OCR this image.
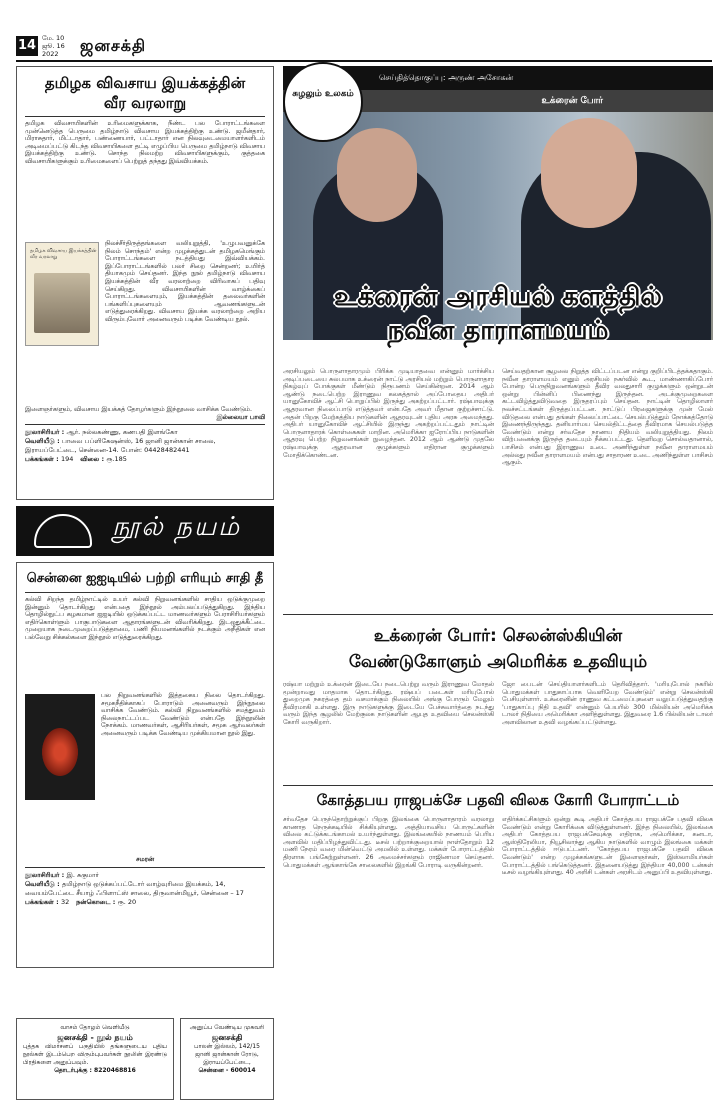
14 மே. 10
ஜூ. 16
2022	ஜனசக்தி
தமிழக விவசாய இயக்கத்தின்
வீர வரலாறு
தமிழக விவசாயிகளின் உரிமைகளுக்காக, நீண்ட பல போராட்டங்களை முன்னெடுத்த பெருமை தமிழ்நாடு விவசாய இயக்கத்திற்கு உண்டு. ஜமீன்தார், மிராசுதார், மிட்டாதார், பண்ணையார், பட்டாதார் என நிலவுடைமையாளர்களிடம் அடிமைப்பட்டு கிடந்த விவசாயிகளை தட்டி எழுப்பிய பெருமை தமிழ்நாடு விவசாய இயக்கத்திற்கு உண்டு. சொந்த நிலமற்ற விவசாயிகளுக்கும், குத்தகை விவசாயிகளுக்கும் உரிமைகளைப் பெற்றுத் தந்தது இவ்வியக்கம்.
தமிழக விவசாய இயக்கத்தின் வீர வரலாறு
நிலச்சீர்திருத்தங்களை வலியுறுத்தி, 'உழுபவனுக்கே நிலம் சொந்தம்' என்ற முழக்கத்துடன் தமிழகமெங்கும் போராட்டங்களை நடத்தியது இவ்வியக்கம். இப்போராட்டங்களில் பலர் சிறை சென்றனர்; உயிர்த் தியாகமும் செய்தனர். இந்த நூல் தமிழ்நாடு விவசாய இயக்கத்தின் வீர வரலாற்றை விரிவாகப் பதிவு செய்கிறது. விவசாயிகளின் வாழ்க்கைப் போராட்டங்களையும், இயக்கத்தின் தலைவர்களின் பங்களிப்புகளையும் ஆவணங்களுடன் எடுத்துரைக்கிறது. விவசாய இயக்க வரலாற்றை அறிய விரும்புவோர் அனைவரும் படிக்க வேண்டிய நூல்.
இளைஞர்களும், விவசாய இயக்கத் தோழர்களும் இந்நூலை வாசிக்க வேண்டும்.
இல்லையா பாவி
நூலாசிரியர் : ஆர். நல்லகண்ணு, கணபதி இளங்கோ
வெளியீடு : பாவை பப்ளிகேஷன்ஸ், 16 ஜானி ஜான்கான் சாலை, இராயப்பேட்டை, சென்னை-14. போன்: 04428482441
பக்கங்கள் : 194 விலை : ரூ.185
நூல் நயம்
சென்னை ஐஐடியில் பற்றி எரியும் சாதி தீ
கல்வி சிறந்த தமிழ்நாட்டில் உயர் கல்வி நிறுவனங்களில் சாதிய ஒடுக்குமுறை இன்னும் தொடர்கிறது என்பதை இந்நூல் அம்பலப்படுத்துகிறது. இந்திய தொழில்நுட்ப கழகமான ஐஐடியில் ஒடுக்கப்பட்ட மாணவர்களும் பேராசிரியர்களும் எதிர்கொள்ளும் பாகுபாடுகளை ஆதாரங்களுடன் விவரிக்கிறது. இடஒதுக்கீட்டை முறையாக நடைமுறைப்படுத்தாமை, பணி நியமனங்களில் நடக்கும் அநீதிகள் என பல்வேறு சிக்கல்களை இந்நூல் எடுத்துரைக்கிறது.
பல நிறுவனங்களில் இத்தகைய நிலை தொடர்கிறது. சமூகநீதிக்காகப் போராடும் அனைவரும் இந்நூலை வாசிக்க வேண்டும். கல்வி நிறுவனங்களில் சமத்துவம் நிலைநாட்டப்பட வேண்டும் என்பதே இந்நூலின் நோக்கம். மாணவர்கள், ஆசிரியர்கள், சமூக ஆர்வலர்கள் அனைவரும் படிக்க வேண்டிய முக்கியமான நூல் இது.
சமரன்
நூலாசிரியர் : இ. சுகுமார்
வெளியீடு : தமிழ்நாடு ஒடுக்கப்பட்டோர் வாழ்வுரிமை இயக்கம், 14, வையம்பேட்டை சீயாழ் ஃபிளாட்ஸ் சாலை, திருவான்மியூர், சென்னை – 17
பக்கங்கள் : 32 நன்கொடை : ரூ. 20
வாசம் தோழம் வெளியீடு
ஜனசக்தி - நூல் நயம்
புத்தக விமர்சனப் பகுதியில் தங்களுடைய புதிய நூல்கள் இடம்பெற விரும்புபவர்கள் நூலின் இரண்டு பிரதிகளை அனுப்பவும்.
தொடர்புக்கு : 8220468816
அனுப்ப வேண்டிய முகவரி
ஜனசக்தி
பாலன் இல்லம், 142/15 ஜானி ஜான்கான் ரோடு, இராயப்பேட்டை,
சென்னை - 600014
சுழலும் உலகம்
செய்தித்தொகுப்பு: அருண் அசோகன்
உக்ரைன் போர்
உக்ரைன் அரசியல் களத்தில்
நவீன தாராளமயம்
அரசியலும் பொருளாதாரமும் பிரிக்க முடியாதவை என்னும் மார்க்சிய அடிப்படையை சுலபமாக உக்ரைன் நாட்டு அரசியல் மற்றும் பொருளாதார நிகழ்வுப் போக்குகள் மீண்டும் நிரூபணம் செய்கின்றன. 2014 ஆம் ஆண்டு நடைபெற்ற இராணுவ கலகத்தால் அப்போதைய அதிபர் யானுகோவிச் ஆட்சி பொறுப்பில் இருந்து அகற்றப்பட்டார். ரஷ்யாவுக்கு ஆதரவான நிலைப்பாடு எடுத்தவர் என்பதே அவர் மீதான குற்றச்சாட்டு. அதன் பிறகு மேற்கத்திய நாடுகளின் ஆதரவுடன் புதிய அரசு அமைந்தது. அதிபர் யானுகோவிச் ஆட்சியில் இருந்து அகற்றப்பட்டதும் நாட்டின் பொருளாதாரக் கொள்கைகள் மாறின. அமெரிக்கா ஐரோப்பிய நாடுகளின் ஆதரவு பெற்ற நிறுவனங்கள் நுழைந்தன. 2012 ஆம் ஆண்டு முதலே ரஷ்யாவுக்கு ஆதரவான குழுக்களும் எதிரான குழுக்களும் மோதிக்கொண்டன.
செய்வதற்கான சூழலை நிறுத்த விட்டப்படன என்று குறிப்பிடத்தக்கதாகும். நவீன தாராளமயம் எனும் அரசியல் நகர்வில் கூட, மாண்ணாகிப்போர் போன்ற பெருநிறுவனங்களும் தீவிர வலதுசாரி குழுக்களும் ஒன்றுடன் ஒன்று பின்னிப் பிணைந்து இருந்தன. அடக்குமுறைகளை கட்டவிழ்த்துவிடுவதை இருதரப்பும் செய்தன. நாட்டின் தொழிலாளர் நலச்சட்டங்கள் திருத்தப்பட்டன. நாட்டுப் பிரஜைகளுக்கு முன் மேல் விடுதலை என்பது தங்கள் நிலைப்பாட்டை செயல்படுத்தும் நோக்கத்தோடு இணைந்திருந்தது. தனியார்மய செயல்திட்டத்தை தீவிரமாக செயல்படுத்த வேண்டும் என்று சர்வதேச நாணய நிதியம் வலியுறுத்தியது. நிலம் விற்பனைக்கு இருந்த தடையும் நீக்கப்பட்டது. தெளிவுற சொல்வதானால், பாசிசம் என்பது இராணுவ உடை அணிந்துள்ள நவீன தாராளமயம் அல்லது நவீன தாராளமயம் என்பது சாதாரண உடை அணிந்துள்ள பாசிசம் ஆகும்.
உக்ரைன் போர்: செலன்ஸ்கியின்
வேண்டுகோளும் அமெரிக்க உதவியும்
ரஷ்யா மற்றும் உக்ரைன் இடையே நடைபெற்று வரும் இராணுவ மோதல் மூன்றாவது மாதமாக தொடர்கிறது. ரஷ்யப் படைகள் மரியுபோல் துறைமுக நகரத்தை தம் வசமாக்கும் நிலையில் அங்கு போரும் மேலும் தீவிரமாகி உள்ளது. இரு நாடுகளுக்கு இடையே பேச்சுவார்த்தை நடந்து வரும் இந்த சூழலில் மேற்குலக நாடுகளின் ஆயுத உதவியை செலன்ஸ்கி கோரி வருகிறார்.
ஜோ பைடன் செய்தியாளர்களிடம் தெரிவித்தார். 'மரியுபோல் நகரில் பொதுமக்கள் பாதுகாப்பாக வெளியேற வேண்டும்' என்று செலன்ஸ்கி பேசியுள்ளார். உக்ரைனின் ராணுவ கட்டமைப்புகளை வலுப்படுத்துவதற்கு 'பாதுகாப்பு நிதி உதவி' என்னும் பெயரில் 300 மில்லியன் அமெரிக்க டாலர் நிதியை அமெரிக்கா அளித்துள்ளது. இதுவரை 1.6 பில்லியன் டாலர் அளவிலான உதவி வழங்கப்பட்டுள்ளது.
கோத்தபய ராஜபக்சே பதவி விலக கோரி போராட்டம்
சர்வதேச பெருந்தொற்றுக்குப் பிறகு இலங்கை பொருளாதாரம் வரலாறு காணாத நெருக்கடியில் சிக்கியுள்ளது. அத்தியாவசிய பொருட்களின் விலை கட்டுக்கடங்காமல் உயர்ந்துள்ளது. இலங்கையில் நாணயம் பெரிய அளவில் மதிப்பிழந்துவிட்டது. டீசல் பற்றாக்குறையால் நாள்தோறும் 12 மணி நேரம் வரை மின்வெட்டு அமலில் உள்ளது. மக்கள் போராட்டத்தில் திரளாக பங்கேற்றுள்ளனர். 26 அமைச்சர்களும் ராஜினாமா செய்தனர். பொதுமக்கள் ஆங்காங்கே சாலைகளில் இறங்கி போராடி வருகின்றனர்.
எதிர்க்கட்சிகளும் ஒன்று கூடி அதிபர் கோத்தபய ராஜபக்சே பதவி விலக வேண்டும் என்று கோரிக்கை விடுத்துள்ளனர். இந்த நிலையில், இலங்கை அதிபர் கோத்தபய ராஜபக்சேவுக்கு எதிராக, அமெரிக்கா, கனடா, ஆஸ்திரேலியா, நியூசிலாந்து ஆகிய நாடுகளில் வாழும் இலங்கை மக்கள் போராட்டத்தில் ஈடுபட்டனர். 'கோத்தபய ராஜபக்சே பதவி விலக வேண்டும்' என்ற முழக்கங்களுடன் இளைஞர்கள், இஸ்லாமியர்கள் போராட்டத்தில் பங்கெடுத்தனர். இதனையடுத்து இந்தியா 40,000 டன்கள் டீசல் வழங்கியுள்ளது. 40 அரிசி டன்கள் அரசிடம் அனுப்பி உதவியுள்ளது.
